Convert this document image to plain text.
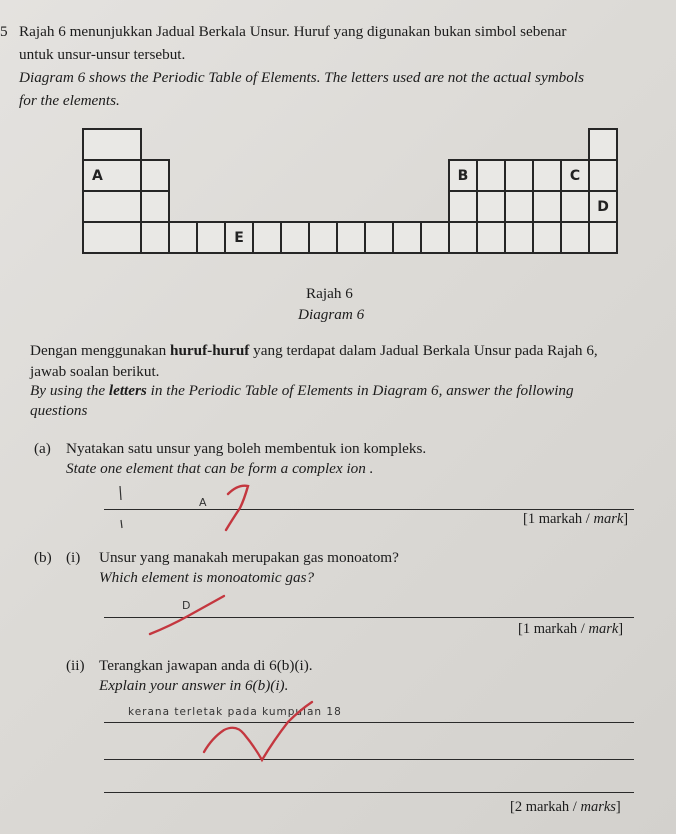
5 Rajah 6 menunjukkan Jadual Berkala Unsur. Huruf yang digunakan bukan simbol sebenar
untuk unsur-unsur tersebut.
Diagram 6 shows the Periodic Table of Elements. The letters used are not the actual symbols
for the elements.
A	B	C
D
E
Rajah 6
Diagram 6
Dengan menggunakan huruf-huruf yang terdapat dalam Jadual Berkala Unsur pada Rajah 6,
jawab soalan berikut.
By using the letters in the Periodic Table of Elements in Diagram 6, answer the following
questions
(a) Nyatakan satu unsur yang boleh membentuk ion kompleks.
State one element that can be form a complex ion .
A
[1 markah / mark]
(b) (i) Unsur yang manakah merupakan gas monoatom?
Which element is monoatomic gas?
D
[1 markah / mark]
(ii) Terangkan jawapan anda di 6(b)(i).
Explain your answer in 6(b)(i).
kerana terletak pada kumpulan 18
[2 markah / marks]
